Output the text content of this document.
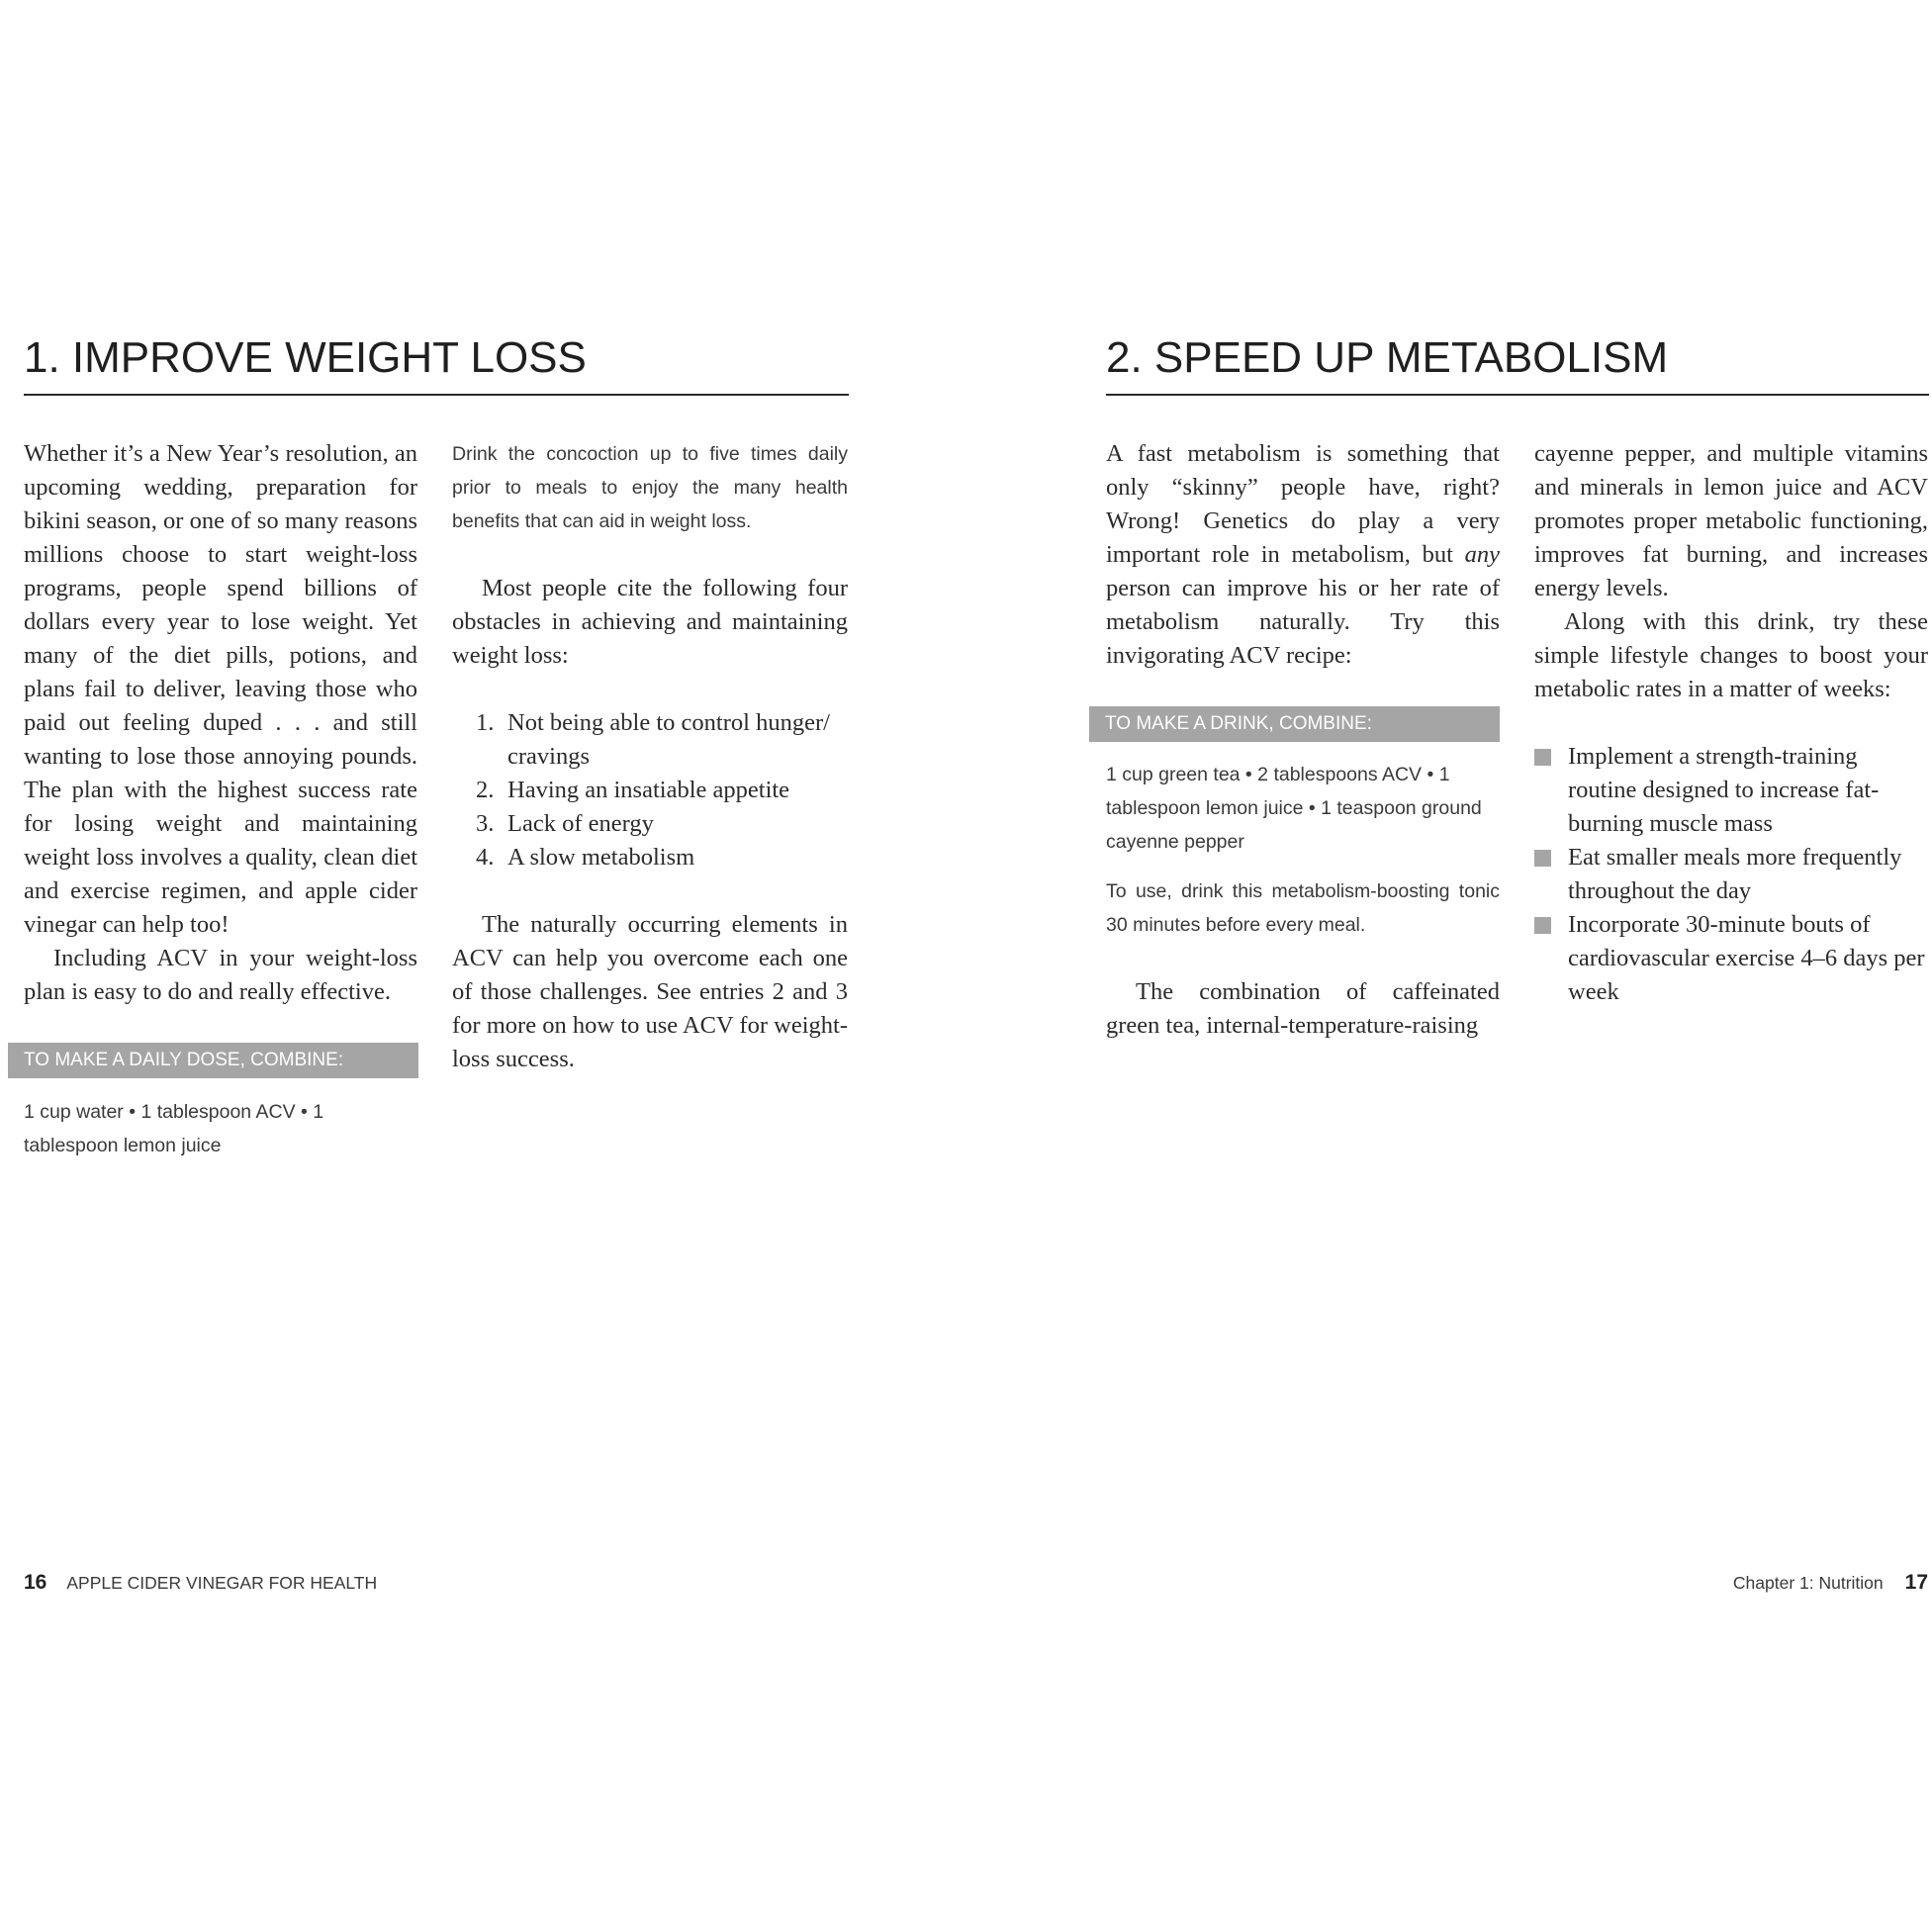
1. IMPROVE WEIGHT LOSS

Whether it’s a New Year’s resolution, an upcoming wedding, preparation for bikini season, or one of so many reasons millions choose to start weight-loss programs, people spend billions of dollars every year to lose weight. Yet many of the diet pills, potions, and plans fail to deliver, leaving those who paid out feeling duped . . . and still wanting to lose those annoying pounds. The plan with the highest success rate for losing weight and maintaining weight loss involves a quality, clean diet and exercise regimen, and apple cider vinegar can help too!

Including ACV in your weight-loss plan is easy to do and really effective.

TO MAKE A DAILY DOSE, COMBINE:

1 cup water • 1 tablespoon ACV • 1 tablespoon lemon juice

Drink the concoction up to five times daily prior to meals to enjoy the many health benefits that can aid in weight loss.

Most people cite the following four obstacles in achieving and maintaining weight loss:

1. Not being able to control hunger/ cravings
2. Having an insatiable appetite
3. Lack of energy
4. A slow metabolism

The naturally occurring elements in ACV can help you overcome each one of those challenges. See entries 2 and 3 for more on how to use ACV for weight-loss success.

16 APPLE CIDER VINEGAR FOR HEALTH
2. SPEED UP METABOLISM

A fast metabolism is something that only “skinny” people have, right? Wrong! Genetics do play a very important role in metabolism, but any person can improve his or her rate of metabolism naturally. Try this invigorating ACV recipe:

TO MAKE A DRINK, COMBINE:

1 cup green tea • 2 tablespoons ACV • 1 tablespoon lemon juice • 1 teaspoon ground cayenne pepper

To use, drink this metabolism-boosting tonic 30 minutes before every meal.

The combination of caffeinated green tea, internal-temperature-raising

cayenne pepper, and multiple vitamins and minerals in lemon juice and ACV promotes proper metabolic functioning, improves fat burning, and increases energy levels.

Along with this drink, try these simple lifestyle changes to boost your metabolic rates in a matter of weeks:

Implement a strength-training routine designed to increase fat-burning muscle mass
Eat smaller meals more frequently throughout the day
Incorporate 30-minute bouts of cardiovascular exercise 4–6 days per week
Chapter 1: Nutrition 17
